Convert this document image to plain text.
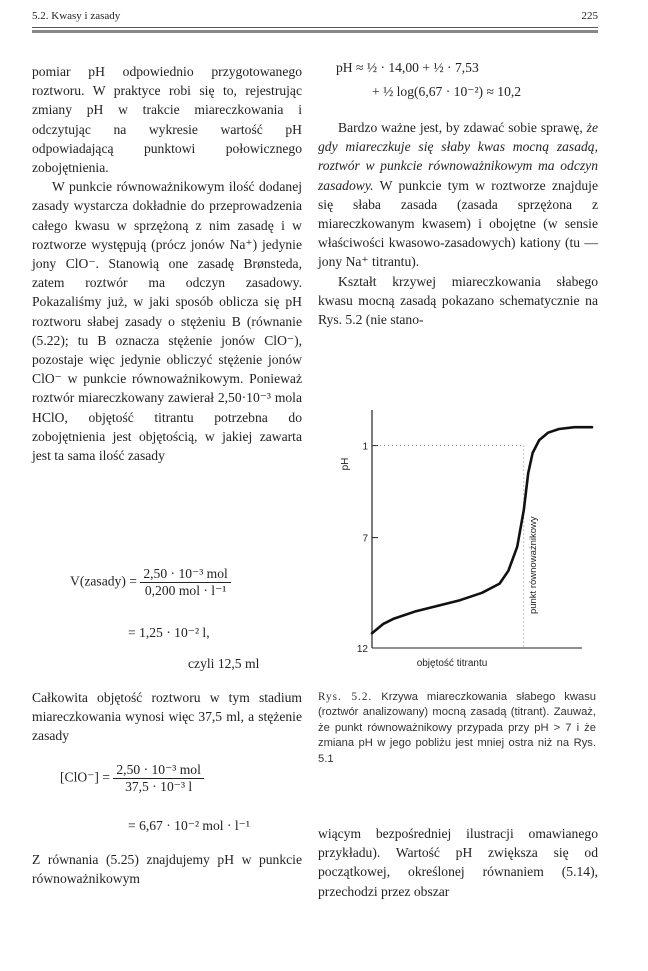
5.2. Kwasy i zasady	225

pomiar pH odpowiednio przygotowanego roztworu. W praktyce robi się to, rejestrując zmiany pH w trakcie miareczkowania i odczytując na wykresie wartość pH odpowiadającą punktowi połowicznego zobojętnienia.

W punkcie równoważnikowym ilość dodanej zasady wystarcza dokładnie do przeprowadzenia całego kwasu w sprzężoną z nim zasadę i w roztworze występują (prócz jonów Na⁺) jedynie jony ClO⁻. Stanowią one zasadę Brønsteda, zatem roztwór ma odczyn zasadowy. Pokazaliśmy już, w jaki sposób oblicza się pH roztworu słabej zasady o stężeniu B (równanie (5.22); tu B oznacza stężenie jonów ClO⁻), pozostaje więc jedynie obliczyć stężenie jonów ClO⁻ w punkcie równoważnikowym. Ponieważ roztwór miareczkowany zawierał 2,50·10⁻³ mola HClO, objętość titrantu potrzebna do zobojętnienia jest objętością, w jakiej zawarta jest ta sama ilość zasady

V(zasady) = $\frac{\text{2,50 · 10⁻³ mol}}{\text{0,200 mol · l⁻¹}}$
= 1,25 · 10⁻² l,
czyli 12,5 ml

Całkowita objętość roztworu w tym stadium miareczkowania wynosi więc 37,5 ml, a stężenie zasady

$[ClO^-] = \frac{\text{2,50 · 10⁻³ mol}}{\text{37,5 · 10⁻³ l}}$
= 6,67 · 10⁻² mol · l⁻¹

Z równania (5.25) znajdujemy pH w punkcie równoważnikowym

pH ≈ ½ · 14,00 + ½ · 7,53
+ ½ log(6,67 · 10⁻²) ≈ 10,2

Bardzo ważne jest, by zdawać sobie sprawę, że gdy miareczkuje się słaby kwas mocną zasadą, roztwór w punkcie równoważnikowym ma odczyn zasadowy. W punkcie tym w roztworze znajduje się słaba zasada (zasada sprzężona z miareczkowanym kwasem) i obojętne (w sensie właściwości kwasowo-zasadowych) kationy (tu — jony Na⁺ titrantu).

Kształt krzywej miareczkowania słabego kwasu mocną zasadą pokazano schematycznie na Rys. 5.2 (nie stano-

12
7
1
pH
objętość titrantu
punkt równoważnikowy
Rys. 5.2. Krzywa miareczkowania słabego kwasu (roztwór analizowany) mocną zasadą (titrant). Zauważ, że punkt równoważnikowy przypada przy pH > 7 i że zmiana pH w jego pobliżu jest mniej ostra niż na Rys. 5.1

wiącym bezpośredniej ilustracji omawianego przykładu). Wartość pH zwiększa się od początkowej, określonej równaniem (5.14), przechodzi przez obszar
